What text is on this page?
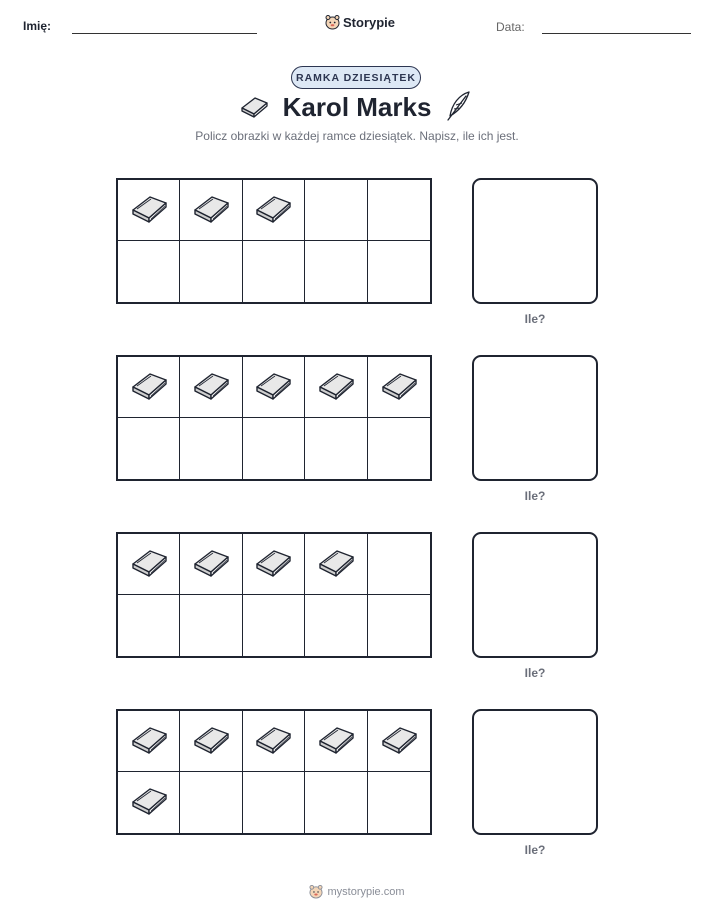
Imię:	Storypie	Data:
RAMKA DZIESIĄTEK
Karol Marks
Policz obrazki w każdej ramce dziesiątek. Napisz, ile ich jest.
Ile?
Ile?
Ile?
Ile?
mystorypie.com
